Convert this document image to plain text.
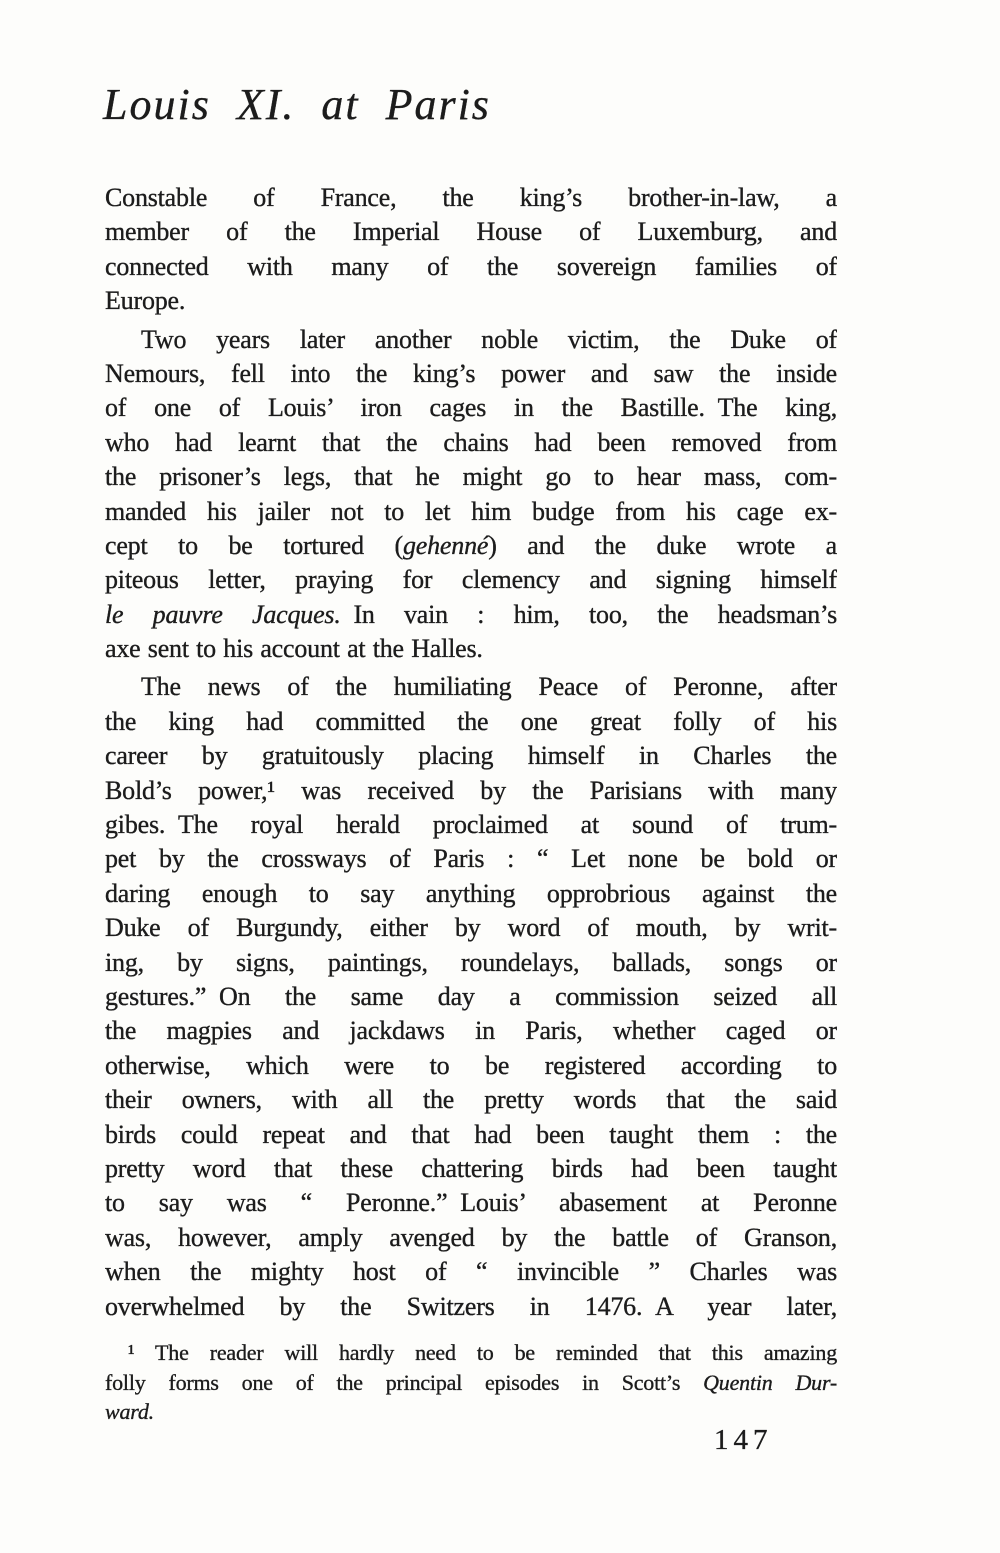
Louis XI. at Paris
Constable of France, the king’s brother-in-law, a
member of the Imperial House of Luxemburg, and
connected with many of the sovereign families of
Europe.
Two years later another noble victim, the Duke of
Nemours, fell into the king’s power and saw the inside
of one of Louis’ iron cages in the Bastille. The king,
who had learnt that the chains had been removed from
the prisoner’s legs, that he might go to hear mass, com-
manded his jailer not to let him budge from his cage ex-
cept to be tortured (gehenné) and the duke wrote a
piteous letter, praying for clemency and signing himself
le pauvre Jacques. In vain : him, too, the headsman’s
axe sent to his account at the Halles.
The news of the humiliating Peace of Peronne, after
the king had committed the one great folly of his
career by gratuitously placing himself in Charles the
Bold’s power,¹ was received by the Parisians with many
gibes. The royal herald proclaimed at sound of trum-
pet by the crossways of Paris : “ Let none be bold or
daring enough to say anything opprobrious against the
Duke of Burgundy, either by word of mouth, by writ-
ing, by signs, paintings, roundelays, ballads, songs or
gestures.” On the same day a commission seized all
the magpies and jackdaws in Paris, whether caged or
otherwise, which were to be registered according to
their owners, with all the pretty words that the said
birds could repeat and that had been taught them : the
pretty word that these chattering birds had been taught
to say was “ Peronne.” Louis’ abasement at Peronne
was, however, amply avenged by the battle of Granson,
when the mighty host of “ invincible ” Charles was
overwhelmed by the Switzers in 1476. A year later,
¹ The reader will hardly need to be reminded that this amazing
folly forms one of the principal episodes in Scott’s Quentin Dur-
ward.
147
